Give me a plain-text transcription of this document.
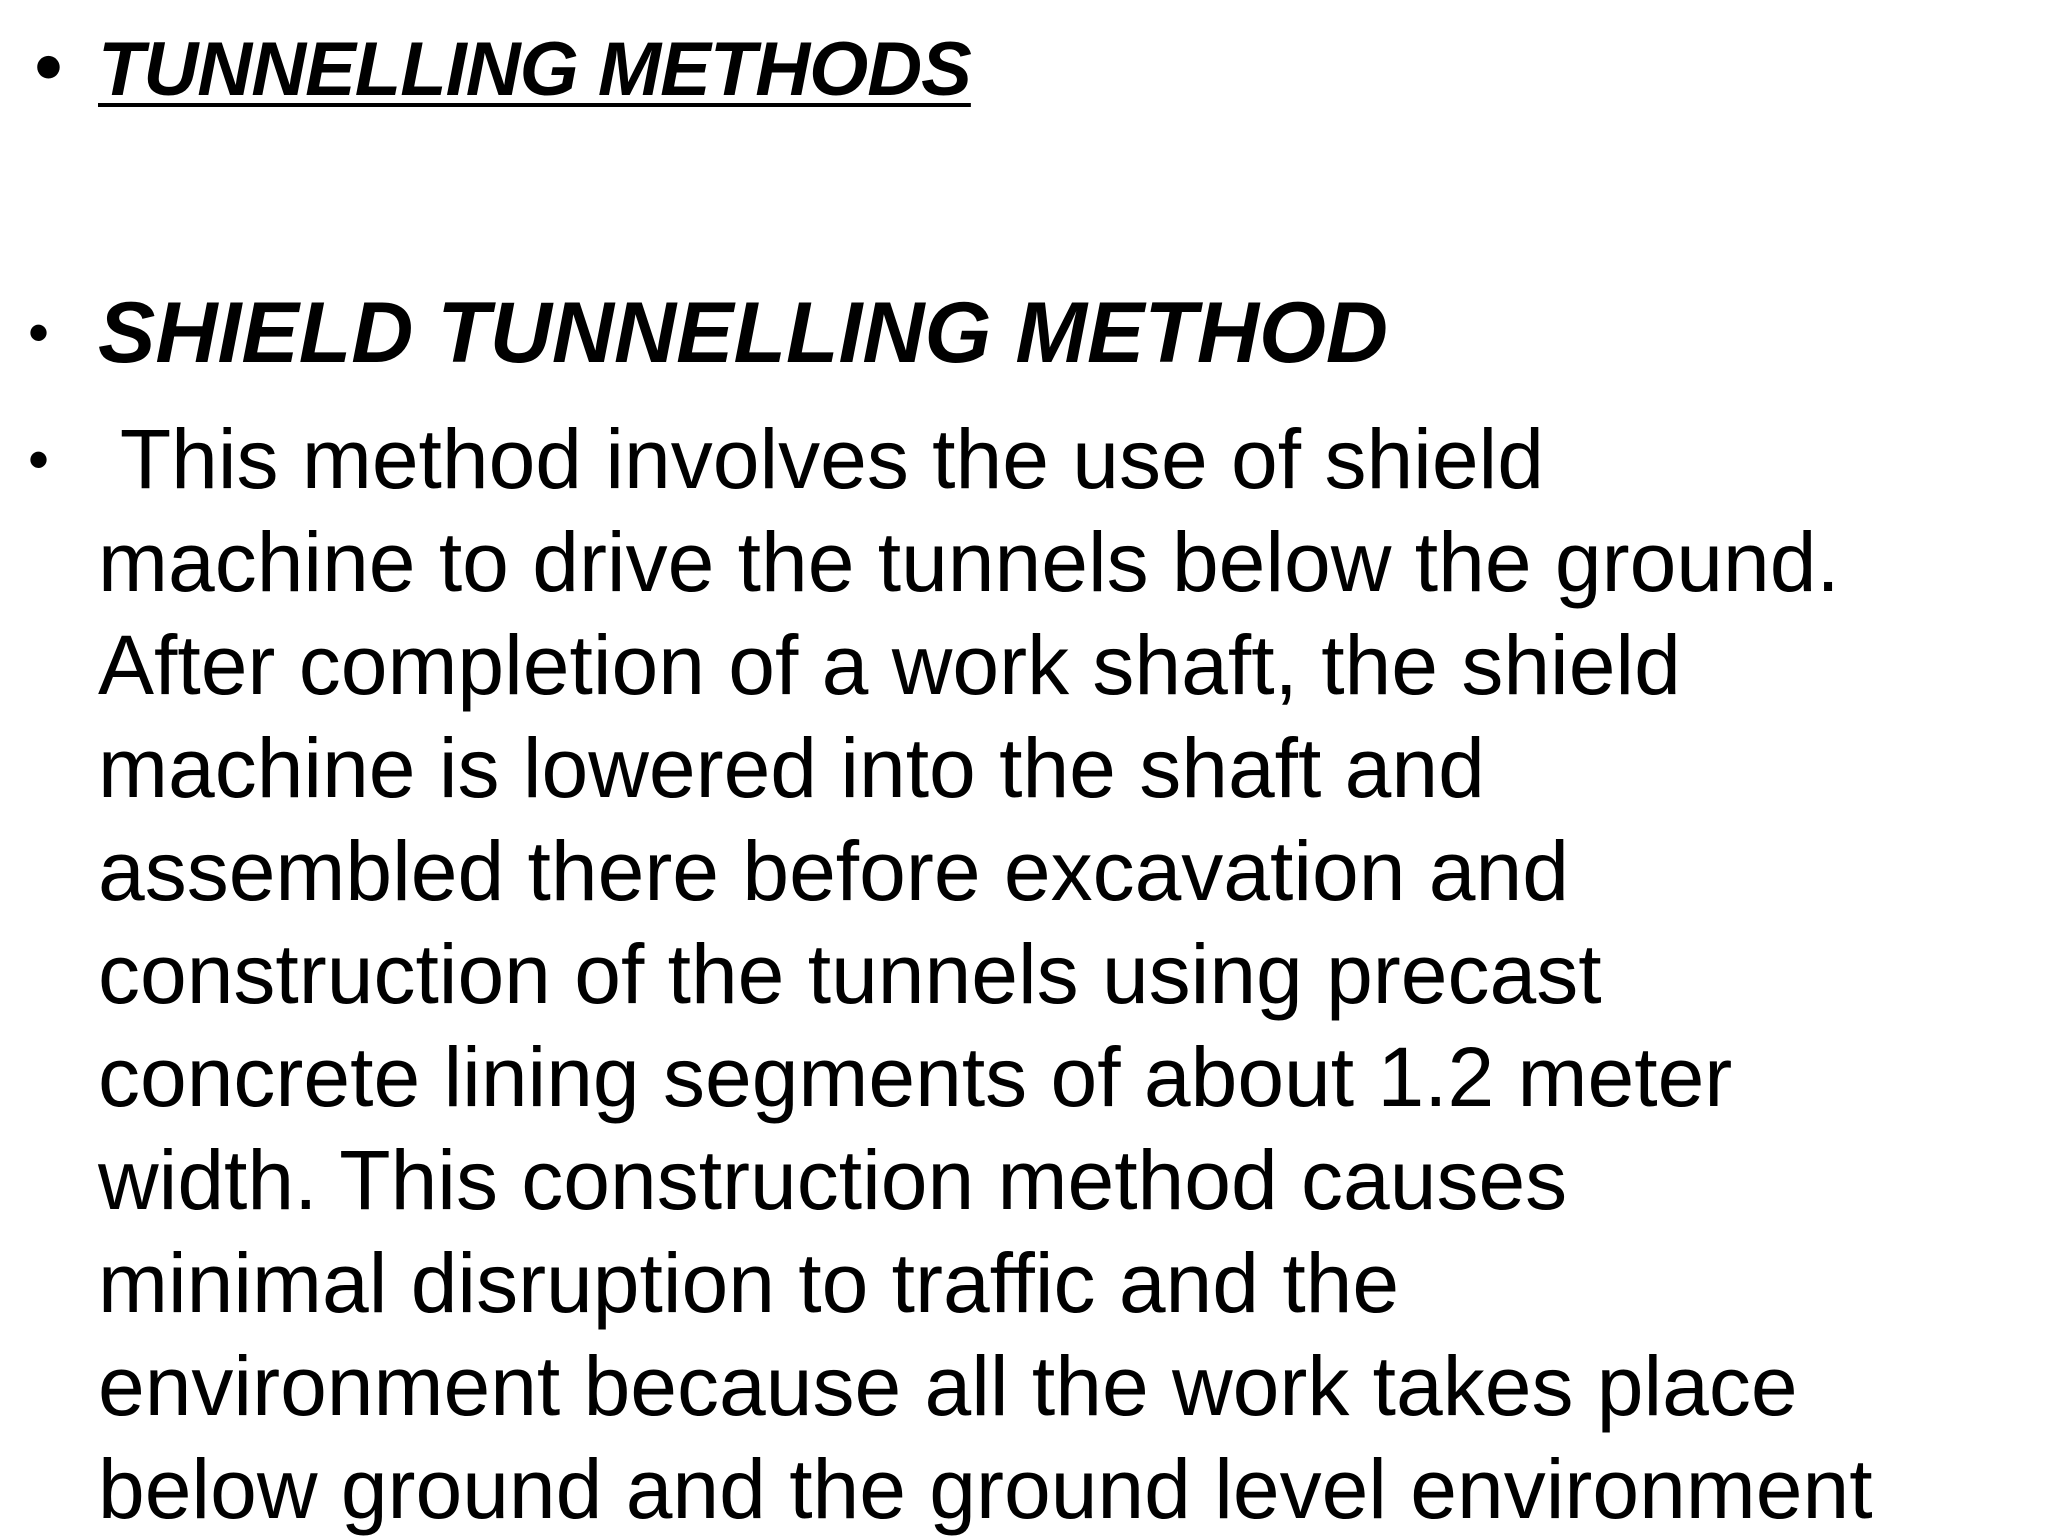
• TUNNELLING METHODS
• SHIELD TUNNELLING METHOD
• This method involves the use of shield
machine to drive the tunnels below the ground.
After completion of a work shaft, the shield
machine is lowered into the shaft and
assembled there before excavation and
construction of the tunnels using precast
concrete lining segments of about 1.2 meter
width. This construction method causes
minimal disruption to traffic and the
environment because all the work takes place
below ground and the ground level environment
